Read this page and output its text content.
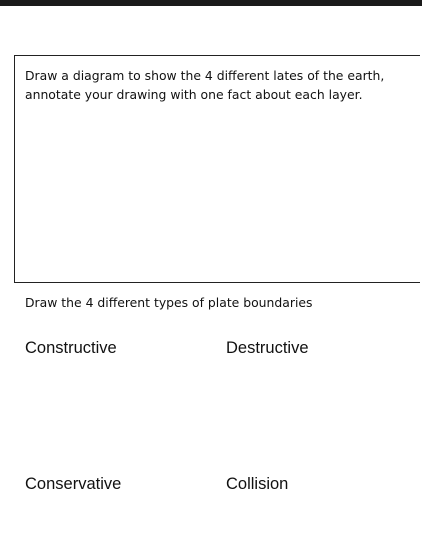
Draw a diagram to show the 4 different lates of the earth,
annotate your drawing with one fact about each layer.

Draw the 4 different types of plate boundaries

Constructive	Destructive
Conservative	Collision
